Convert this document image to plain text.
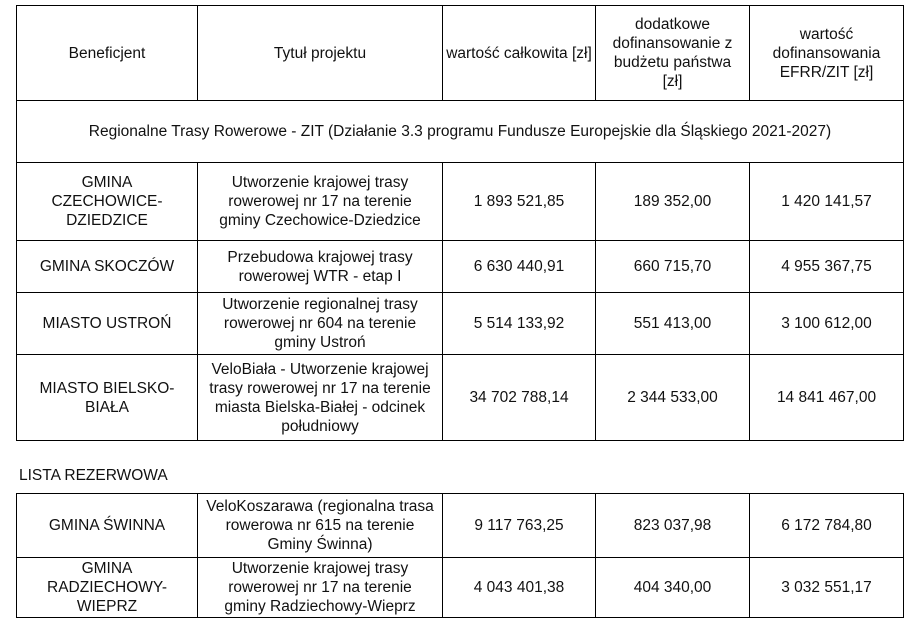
Beneficjent	Tytuł projektu	wartość całkowita [zł]	dodatkowe dofinansowanie z budżetu państwa [zł]	wartość dofinansowania EFRR/ZIT [zł]
Regionalne Trasy Rowerowe - ZIT (Działanie 3.3 programu Fundusze Europejskie dla Śląskiego 2021-2027)				
GMINA CZECHOWICE-DZIEDZICE	Utworzenie krajowej trasy rowerowej nr 17 na terenie gminy Czechowice-Dziedzice	1 893 521,85	189 352,00	1 420 141,57
GMINA SKOCZÓW	Przebudowa krajowej trasy rowerowej WTR - etap I	6 630 440,91	660 715,70	4 955 367,75
MIASTO USTROŃ	Utworzenie regionalnej trasy rowerowej nr 604 na terenie gminy Ustroń	5 514 133,92	551 413,00	3 100 612,00
MIASTO BIELSKO-BIAŁA	VeloBiała - Utworzenie krajowej trasy rowerowej nr 17 na terenie miasta Bielska-Białej - odcinek południowy	34 702 788,14	2 344 533,00	14 841 467,00
LISTA REZERWOWA
GMINA ŚWINNA	VeloKoszarawa (regionalna trasa rowerowa nr 615 na terenie Gminy Świnna)	9 117 763,25	823 037,98	6 172 784,80
GMINA RADZIECHOWY-WIEPRZ	Utworzenie krajowej trasy rowerowej nr 17 na terenie gminy Radziechowy-Wieprz	4 043 401,38	404 340,00	3 032 551,17
